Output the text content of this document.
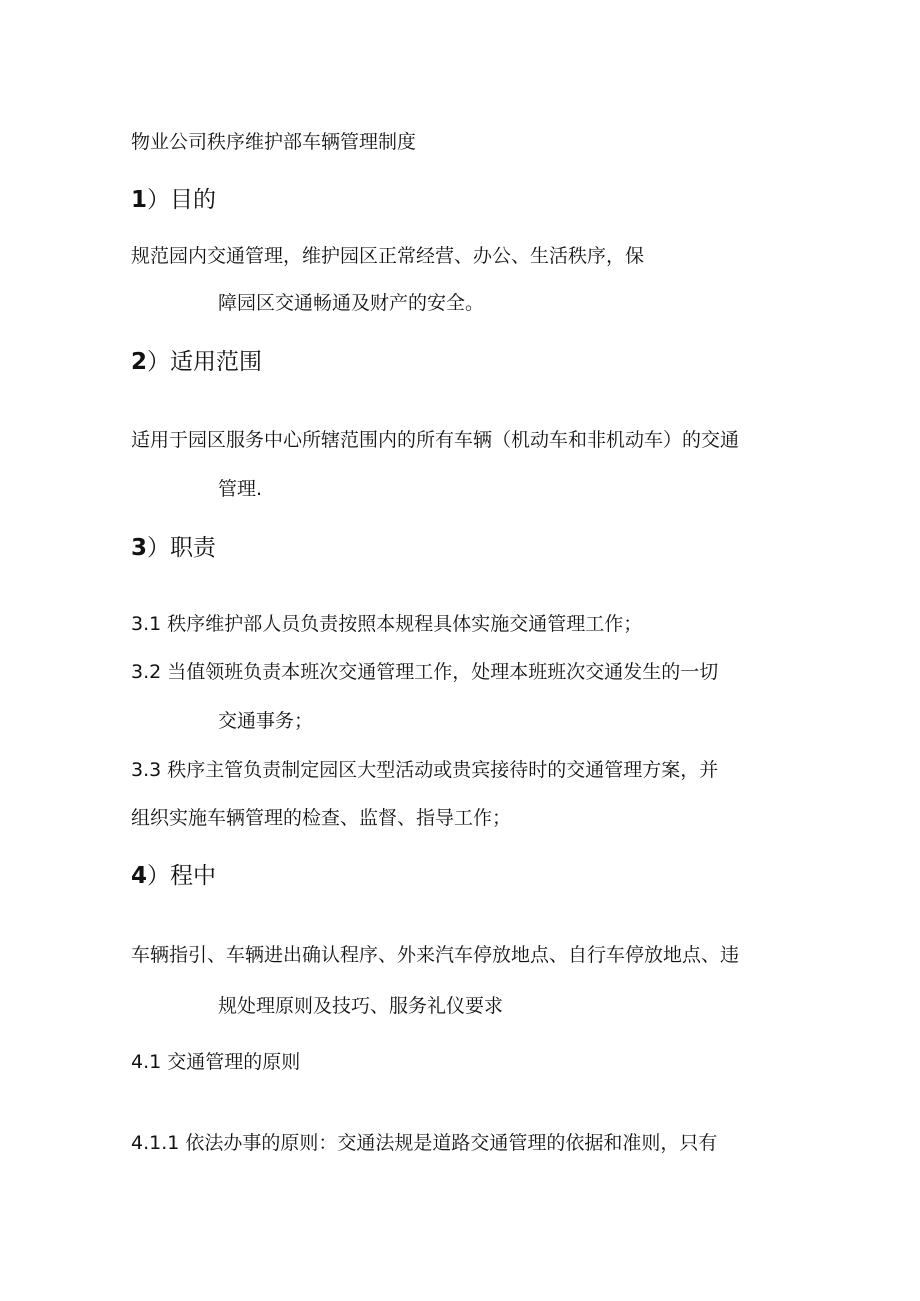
物业公司秩序维护部车辆管理制度
1）目的
规范园内交通管理，维护园区正常经营、办公、生活秩序，保
障园区交通畅通及财产的安全。
2）适用范围
适用于园区服务中心所辖范围内的所有车辆（机动车和非机动车）的交通
管理.
3）职责
3.1 秩序维护部人员负责按照本规程具体实施交通管理工作；
3.2 当值领班负责本班次交通管理工作，处理本班班次交通发生的一切
交通事务；
3.3 秩序主管负责制定园区大型活动或贵宾接待时的交通管理方案，并
组织实施车辆管理的检查、监督、指导工作；
4）程中
车辆指引、车辆进出确认程序、外来汽车停放地点、自行车停放地点、违
规处理原则及技巧、服务礼仪要求
4.1 交通管理的原则
4.1.1 依法办事的原则：交通法规是道路交通管理的依据和准则，只有
